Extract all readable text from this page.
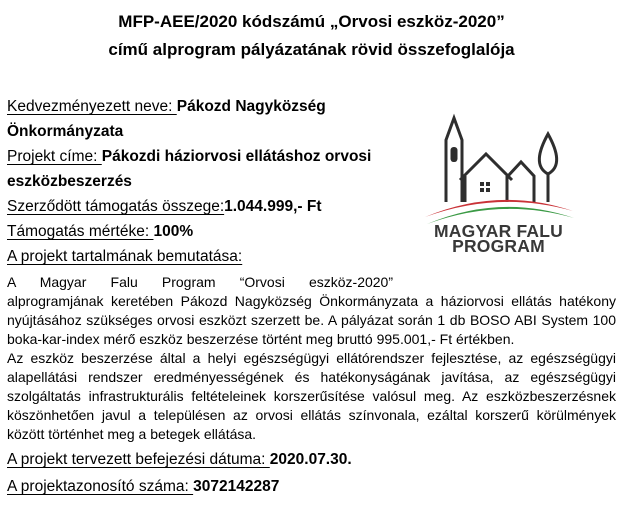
MFP-AEE/2020 kódszámú „Orvosi eszköz-2020”
című alprogram pályázatának rövid összefoglalója
MAGYAR FALU
PROGRAM

Kedvezményezett neve: Pákozd Nagyközség Önkormányzata

Projekt címe: Pákozdi háziorvosi ellátáshoz orvosi eszközbeszerzés

Szerződött támogatás összege:1.044.999,- Ft

Támogatás mértéke: 100%

A projekt tartalmának bemutatása:

A Magyar Falu Program “Orvosi eszköz-2020”

alprogramjának keretében Pákozd Nagyközség Önkormányzata a háziorvosi ellátás hatékony nyújtásához szükséges orvosi eszközt szerzett be. A pályázat során 1 db BOSO ABI System 100 boka-kar-index mérő eszköz beszerzése történt meg bruttó 995.001,- Ft értékben.

Az eszköz beszerzése által a helyi egészségügyi ellátórendszer fejlesztése, az egészségügyi alapellátási rendszer eredményességének és hatékonyságának javítása, az egészségügyi szolgáltatás infrastrukturális feltételeinek korszerűsítése valósul meg. Az eszközbeszerzésnek köszönhetően javul a településen az orvosi ellátás színvonala, ezáltal korszerű körülmények között történhet meg a betegek ellátása.

A projekt tervezett befejezési dátuma: 2020.07.30.

A projektazonosító száma: 3072142287
